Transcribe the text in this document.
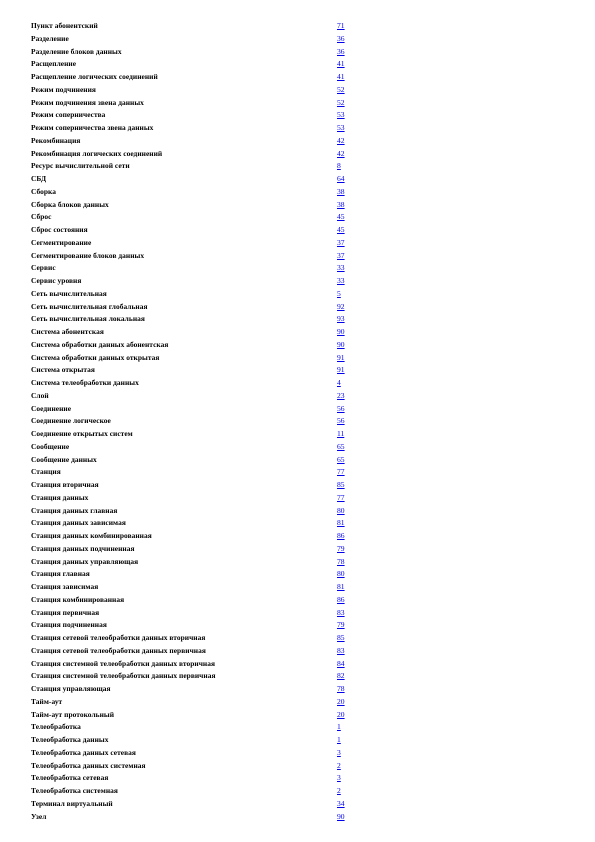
Пункт абонентский	71
Разделение	36
Разделение блоков данных	36
Расщепление	41
Расщепление логических соединений	41
Режим подчинения	52
Режим подчинения звена данных	52
Режим соперничества	53
Режим соперничества звена данных	53
Рекомбинация	42
Рекомбинация логических соединений	42
Ресурс вычислительной сети	8
СБД	64
Сборка	38
Сборка блоков данных	38
Сброс	45
Сброс состояния	45
Сегментирование	37
Сегментирование блоков данных	37
Сервис	33
Сервис уровня	33
Сеть вычислительная	5
Сеть вычислительная глобальная	92
Сеть вычислительная локальная	93
Система абонентская	90
Система обработки данных абонентская	90
Система обработки данных открытая	91
Система открытая	91
Система телеобработки данных	4
Слой	23
Соединение	56
Соединение логическое	56
Соединение открытых систем	11
Сообщение	65
Сообщение данных	65
Станция	77
Станция вторичная	85
Станция данных	77
Станция данных главная	80
Станция данных зависимая	81
Станция данных комбинированная	86
Станция данных подчиненная	79
Станция данных управляющая	78
Станция главная	80
Станция зависимая	81
Станция комбинированная	86
Станция первичная	83
Станция подчиненная	79
Станция сетевой телеобработки данных вторичная	85
Станция сетевой телеобработки данных первичная	83
Станция системной телеобработки данных вторичная	84
Станция системной телеобработки данных первичная	82
Станция управляющая	78
Тайм-аут	20
Тайм-аут протокольный	20
Телеобработка	1
Телеобработка данных	1
Телеобработка данных сетевая	3
Телеобработка данных системная	2
Телеобработка сетевая	3
Телеобработка системная	2
Терминал виртуальный	34
Узел	90
